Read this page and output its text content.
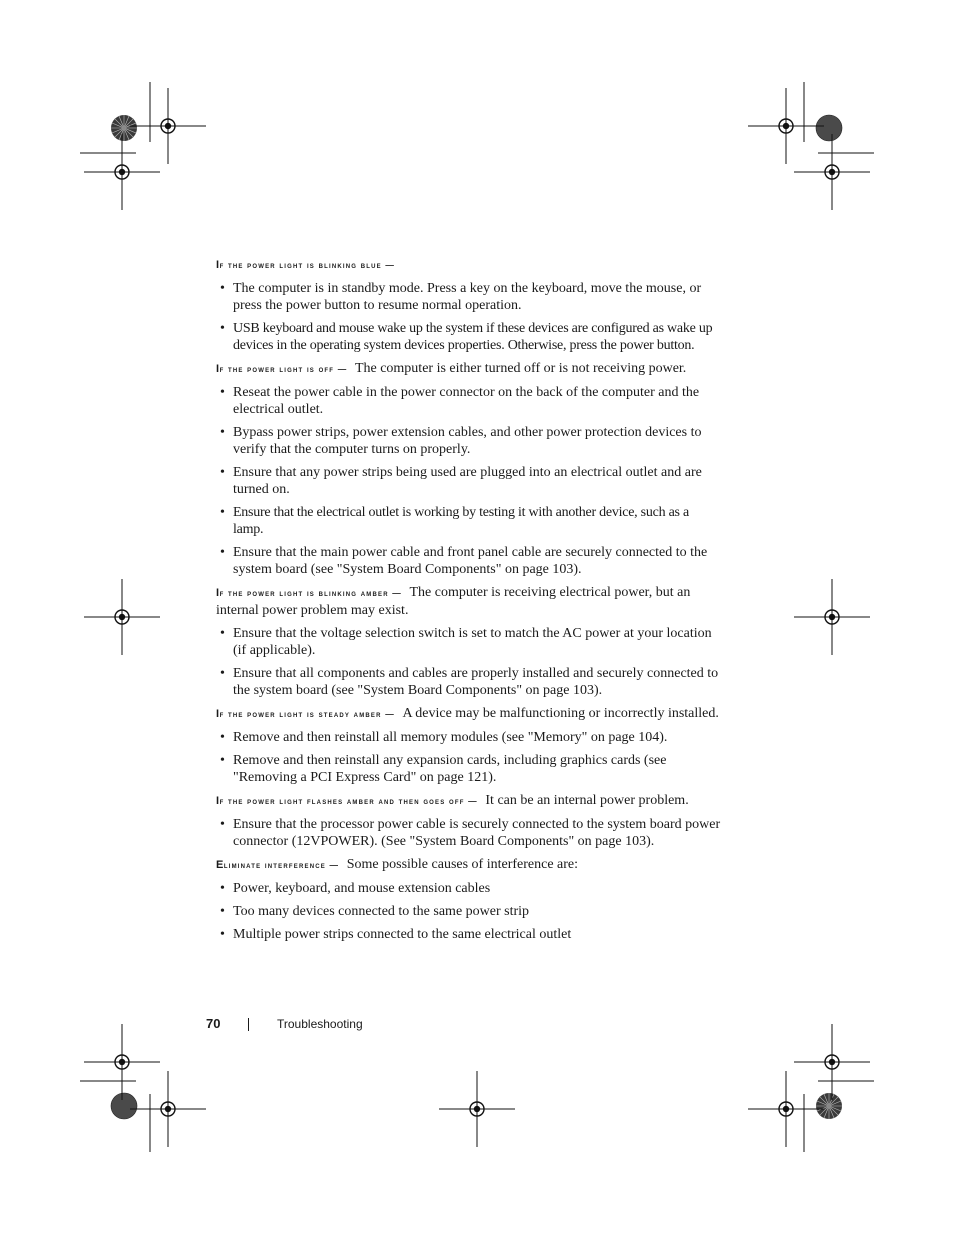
If the power light is blinking blue —

• The computer is in standby mode. Press a key on the keyboard, move the mouse, or press the power button to resume normal operation.
• USB keyboard and mouse wake up the system if these devices are configured as wake up devices in the operating system devices properties. Otherwise, press the power button.

If the power light is off — The computer is either turned off or is not receiving power.

• Reseat the power cable in the power connector on the back of the computer and the electrical outlet.
• Bypass power strips, power extension cables, and other power protection devices to verify that the computer turns on properly.
• Ensure that any power strips being used are plugged into an electrical outlet and are turned on.
• Ensure that the electrical outlet is working by testing it with another device, such as a lamp.
• Ensure that the main power cable and front panel cable are securely connected to the system board (see "System Board Components" on page 103).

If the power light is blinking amber — The computer is receiving electrical power, but an internal power problem may exist.

• Ensure that the voltage selection switch is set to match the AC power at your location (if applicable).
• Ensure that all components and cables are properly installed and securely connected to the system board (see "System Board Components" on page 103).

If the power light is steady amber — A device may be malfunctioning or incorrectly installed.

• Remove and then reinstall all memory modules (see "Memory" on page 104).
• Remove and then reinstall any expansion cards, including graphics cards (see "Removing a PCI Express Card" on page 121).

If the power light flashes amber and then goes off — It can be an internal power problem.

• Ensure that the processor power cable is securely connected to the system board power connector (12VPOWER). (See "System Board Components" on page 103).

Eliminate interference — Some possible causes of interference are:

• Power, keyboard, and mouse extension cables
• Too many devices connected to the same power strip
• Multiple power strips connected to the same electrical outlet
70	Troubleshooting
